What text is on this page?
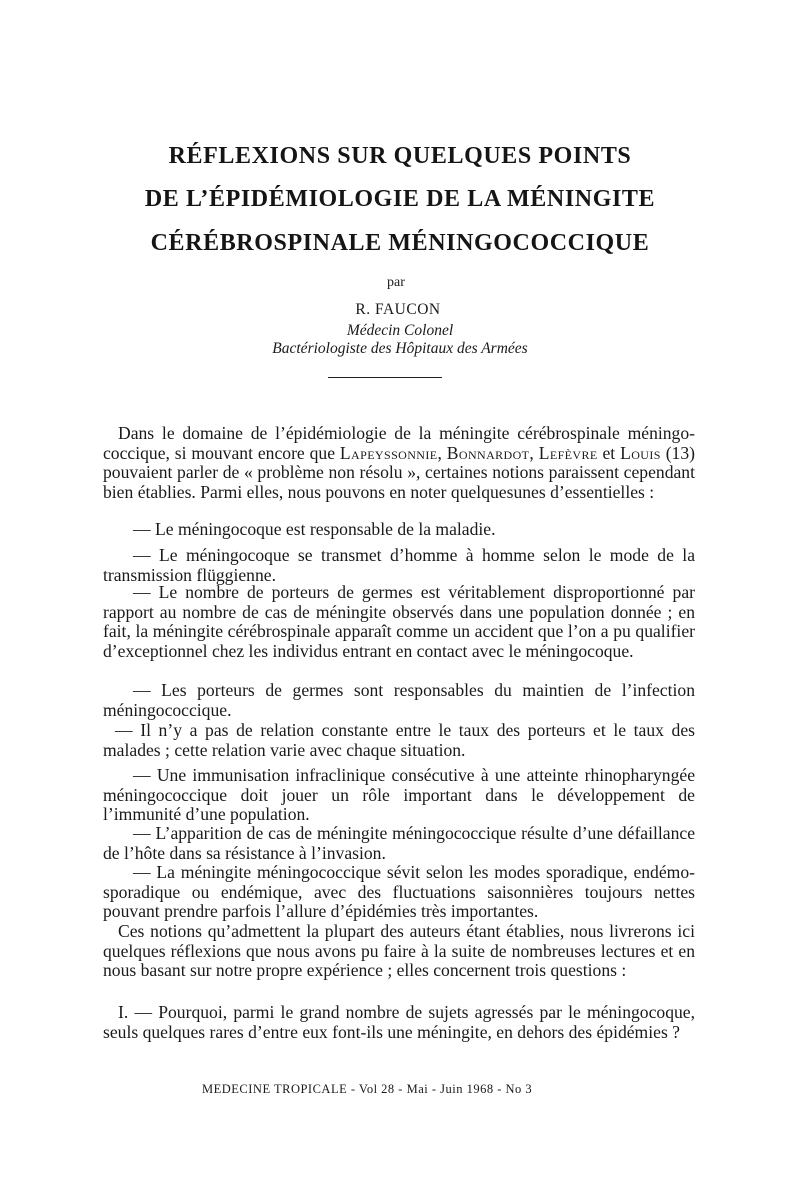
RÉFLEXIONS SUR QUELQUES POINTS
DE L’ÉPIDÉMIOLOGIE DE LA MÉNINGITE
CÉRÉBROSPINALE MÉNINGOCOCCIQUE

par

R. FAUCON

Médecin Colonel

Bactériologiste des Hôpitaux des Armées

Dans le domaine de l’épidémiologie de la méningite cérébrospinale méningococcique, si mouvant encore que Lapeyssonnie, Bonnardot, Lefèvre et Louis (13) pouvaient parler de « problème non résolu », certaines notions paraissent cependant bien établies. Parmi elles, nous pouvons en noter quelquesunes d’essentielles :

— Le méningocoque est responsable de la maladie.

— Le méningocoque se transmet d’homme à homme selon le mode de la transmission flüggienne.

— Le nombre de porteurs de germes est véritablement disproportionné par rapport au nombre de cas de méningite observés dans une population donnée ; en fait, la méningite cérébrospinale apparaît comme un accident que l’on a pu qualifier d’exceptionnel chez les individus entrant en contact avec le méningocoque.

— Les porteurs de germes sont responsables du maintien de l’infection méningococcique.

— Il n’y a pas de relation constante entre le taux des porteurs et le taux des malades ; cette relation varie avec chaque situation.

— Une immunisation infraclinique consécutive à une atteinte rhinopharyngée méningococcique doit jouer un rôle important dans le développement de l’immunité d’une population.

— L’apparition de cas de méningite méningococcique résulte d’une défaillance de l’hôte dans sa résistance à l’invasion.

— La méningite méningococcique sévit selon les modes sporadique, endémo-sporadique ou endémique, avec des fluctuations saisonnières toujours nettes pouvant prendre parfois l’allure d’épidémies très importantes.

Ces notions qu’admettent la plupart des auteurs étant établies, nous livrerons ici quelques réflexions que nous avons pu faire à la suite de nombreuses lectures et en nous basant sur notre propre expérience ; elles concernent trois questions :

I. — Pourquoi, parmi le grand nombre de sujets agressés par le méningocoque, seuls quelques rares d’entre eux font-ils une méningite, en dehors des épidémies ?

MEDECINE TROPICALE - Vol 28 - Mai - Juin 1968 - No 3
